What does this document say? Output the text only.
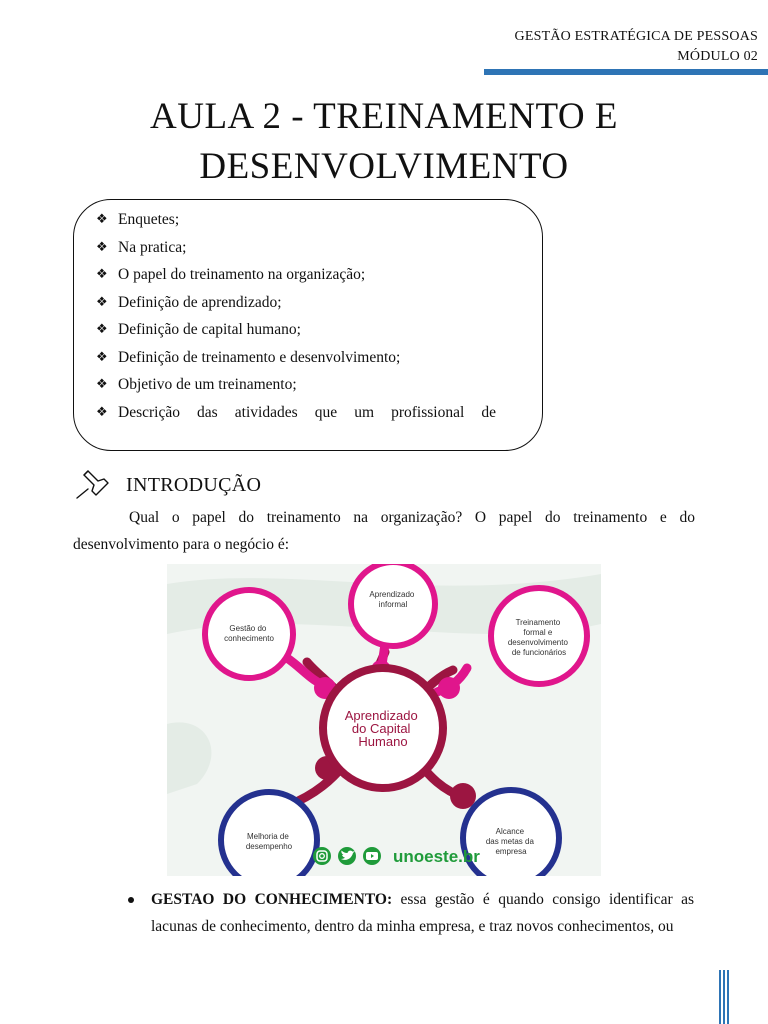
GESTÃO ESTRATÉGICA DE PESSOAS
MÓDULO 02
AULA 2 - TREINAMENTO E
DESENVOLVIMENTO
❖ Enquetes;
❖ Na pratica;
❖ O papel do treinamento na organização;
❖ Definição de aprendizado;
❖ Definição de capital humano;
❖ Definição de treinamento e desenvolvimento;
❖ Objetivo de um treinamento;
❖ Descrição das atividades que um profissional de
INTRODUÇÃO
Qual o papel do treinamento na organização? O papel do treinamento e do desenvolvimento para o negócio é:
Gestão do conhecimento
Aprendizado informal
Treinamento formal e desenvolvimento de funcionários
Aprendizado do Capital Humano
Melhoria de desempenho
Alcance das metas da empresa
unoeste.br
GESTAO DO CONHECIMENTO: essa gestão é quando consigo identificar as lacunas de conhecimento, dentro da minha empresa, e traz novos conhecimentos, ou
